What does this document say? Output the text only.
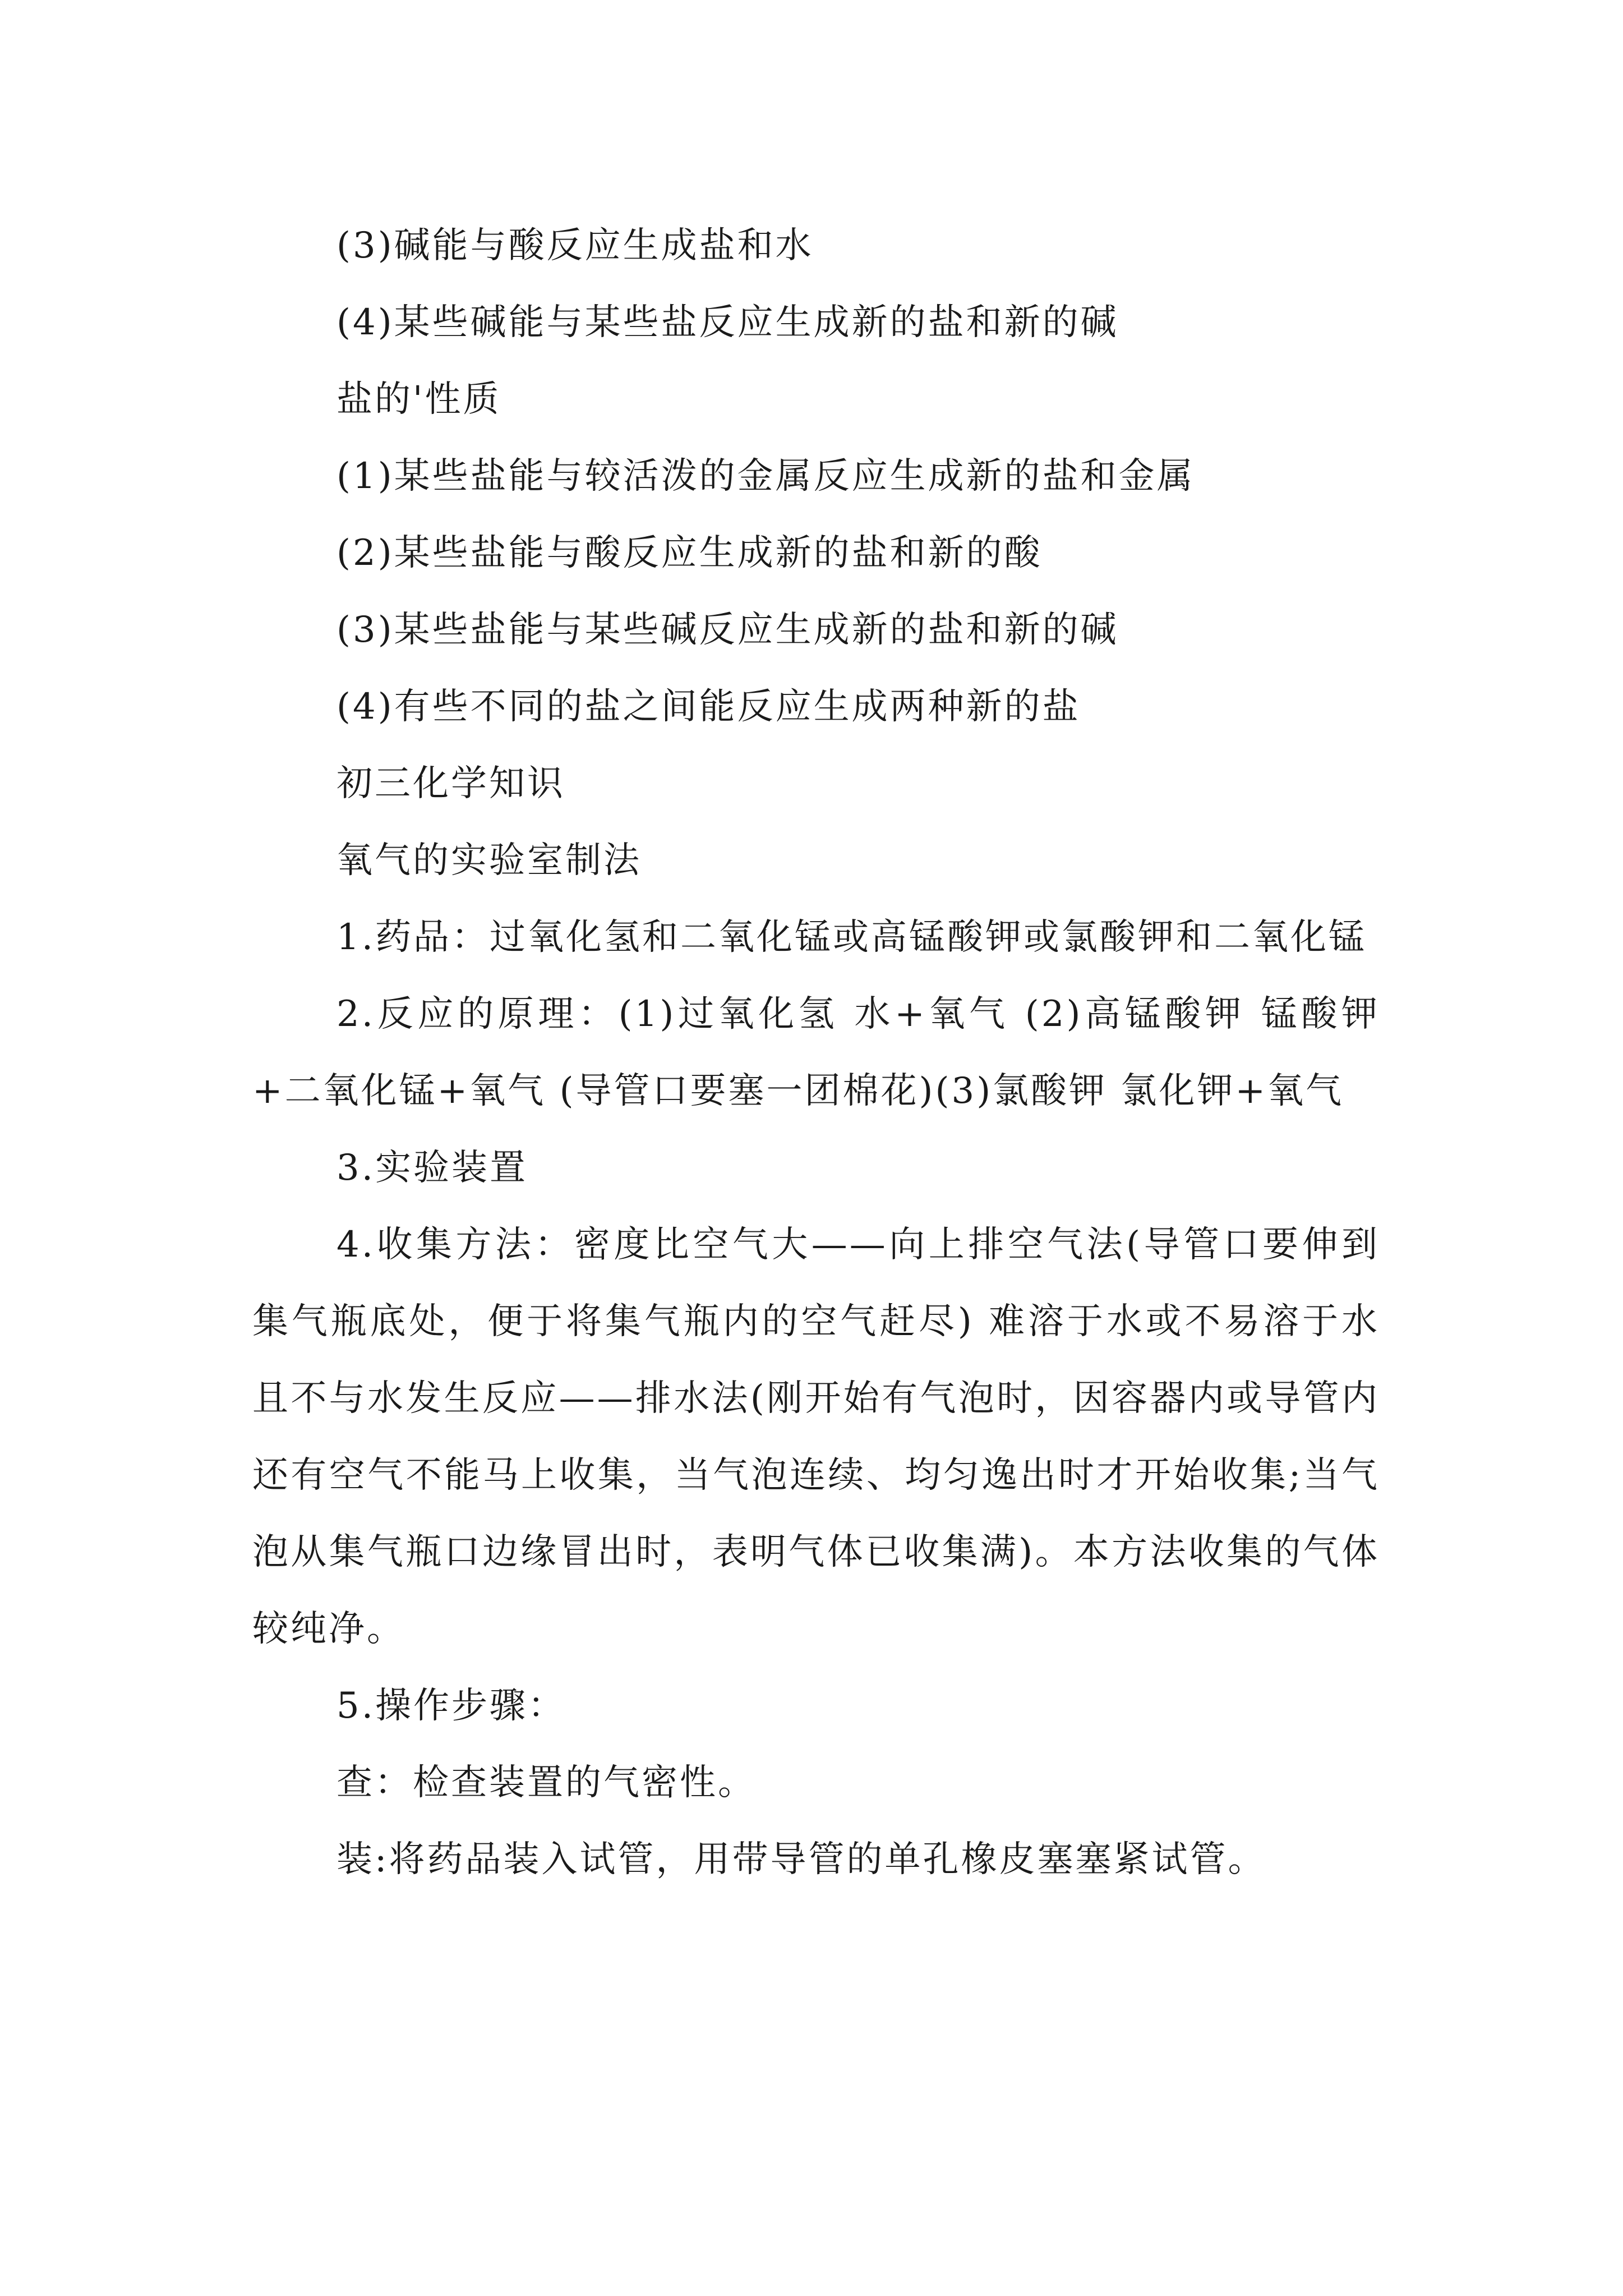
(3)碱能与酸反应生成盐和水
(4)某些碱能与某些盐反应生成新的盐和新的碱
盐的'性质
(1)某些盐能与较活泼的金属反应生成新的盐和金属
(2)某些盐能与酸反应生成新的盐和新的酸
(3)某些盐能与某些碱反应生成新的盐和新的碱
(4)有些不同的盐之间能反应生成两种新的盐
初三化学知识
氧气的实验室制法
1.药品：过氧化氢和二氧化锰或高锰酸钾或氯酸钾和二氧化锰
2.反应的原理：(1)过氧化氢 水+氧气 (2)高锰酸钾 锰酸钾+二氧化锰+氧气 (导管口要塞一团棉花)(3)氯酸钾 氯化钾+氧气
3.实验装置
4.收集方法：密度比空气大——向上排空气法(导管口要伸到集气瓶底处，便于将集气瓶内的空气赶尽) 难溶于水或不易溶于水且不与水发生反应——排水法(刚开始有气泡时，因容器内或导管内还有空气不能马上收集，当气泡连续、均匀逸出时才开始收集;当气泡从集气瓶口边缘冒出时，表明气体已收集满)。本方法收集的气体较纯净。
5.操作步骤：
查：检查装置的气密性。
装:将药品装入试管，用带导管的单孔橡皮塞塞紧试管。
